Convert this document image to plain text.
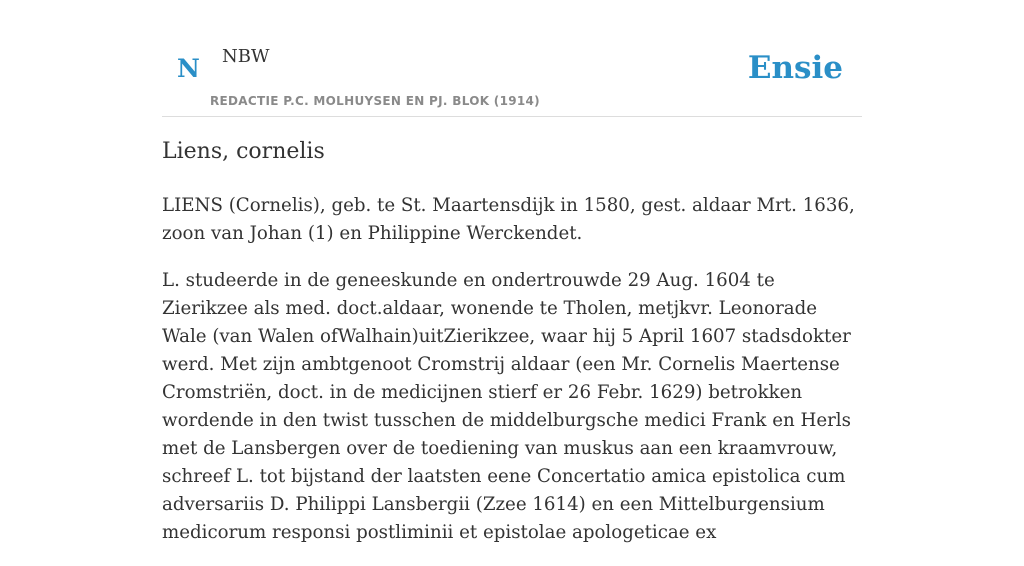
N NBW
REDACTIE P.C. MOLHUYSEN EN PJ. BLOK (1914)
Ensie
Liens, cornelis

LIENS (Cornelis), geb. te St. Maartensdijk in 1580, gest. aldaar Mrt. 1636, zoon van Johan (1) en Philippine Werckendet.

L. studeerde in de geneeskunde en ondertrouwde 29 Aug. 1604 te Zierikzee als med. doct.aldaar, wonende te Tholen, metjkvr. Leonorade Wale (van Walen ofWalhain)uitZierikzee, waar hij 5 April 1607 stadsdokter werd. Met zijn ambtgenoot Cromstrij aldaar (een Mr. Cornelis Maertense Cromstriën, doct. in de medicijnen stierf er 26 Febr. 1629) betrokken wordende in den twist tusschen de middelburgsche medici Frank en Herls met de Lansbergen over de toediening van muskus aan een kraamvrouw, schreef L. tot bijstand der laatsten eene Concertatio amica epistolica cum adversariis D. Philippi Lansbergii (Zzee 1614) en een Mittelburgensium medicorum responsi postliminii et epistolae apologeticae ex
